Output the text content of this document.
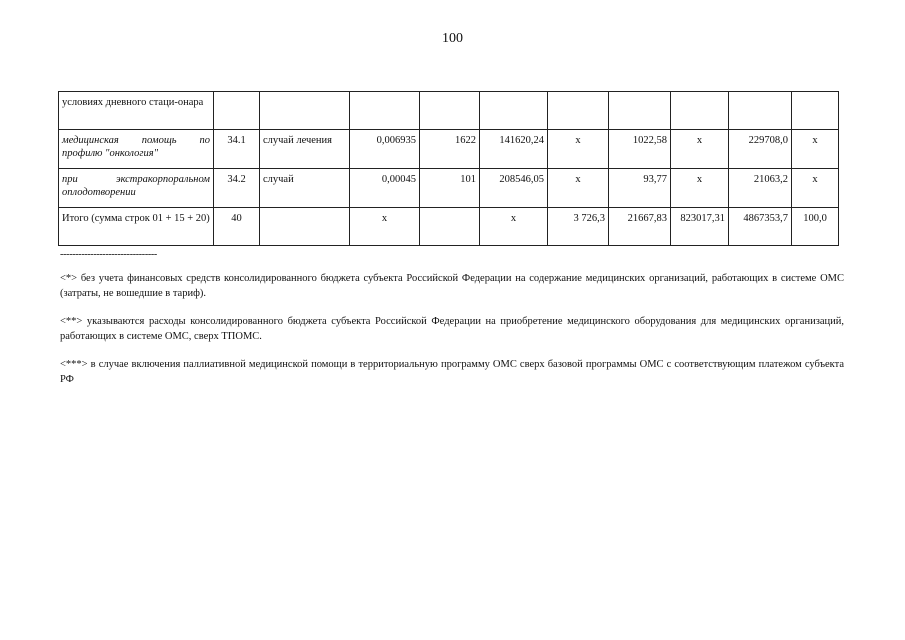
100
условиях дневного стаци-онара										
медицинская помощь по профилю "онкология"	34.1	случай лечения	0,006935	1622	141620,24	х	1022,58	х	229708,0	х
при экстракорпоральном оплодотворении	34.2	случай	0,00045	101	208546,05	х	93,77	х	21063,2	х
Итого (сумма строк 01 + 15 + 20)	40		х		х	3 726,3	21667,83	823017,31	4867353,7	100,0
--------------------------------
<*> без учета финансовых средств консолидированного бюджета субъекта Российской Федерации на содержание медицинских организаций, работающих в системе ОМС (затраты, не вошедшие в тариф).
<**> указываются расходы консолидированного бюджета субъекта Российской Федерации на приобретение медицинского оборудования для медицинских организаций, работающих в системе ОМС, сверх ТПОМС.
<***> в случае включения паллиативной медицинской помощи в территориальную программу ОМС сверх базовой программы ОМС с соответствующим платежом субъекта РФ
